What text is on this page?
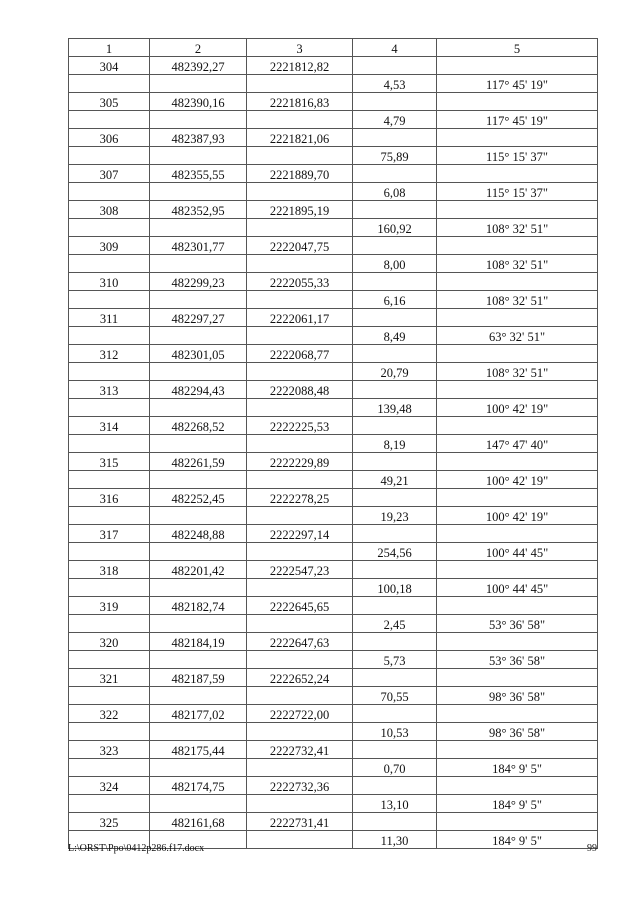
1	2	3	4	5
304	482392,27	2221812,82		
			4,53	117° 45' 19"
305	482390,16	2221816,83		
			4,79	117° 45' 19"
306	482387,93	2221821,06		
			75,89	115° 15' 37"
307	482355,55	2221889,70		
			6,08	115° 15' 37"
308	482352,95	2221895,19		
			160,92	108° 32' 51"
309	482301,77	2222047,75		
			8,00	108° 32' 51"
310	482299,23	2222055,33		
			6,16	108° 32' 51"
311	482297,27	2222061,17		
			8,49	63° 32' 51"
312	482301,05	2222068,77		
			20,79	108° 32' 51"
313	482294,43	2222088,48		
			139,48	100° 42' 19"
314	482268,52	2222225,53		
			8,19	147° 47' 40"
315	482261,59	2222229,89		
			49,21	100° 42' 19"
316	482252,45	2222278,25		
			19,23	100° 42' 19"
317	482248,88	2222297,14		
			254,56	100° 44' 45"
318	482201,42	2222547,23		
			100,18	100° 44' 45"
319	482182,74	2222645,65		
			2,45	53° 36' 58"
320	482184,19	2222647,63		
			5,73	53° 36' 58"
321	482187,59	2222652,24		
			70,55	98° 36' 58"
322	482177,02	2222722,00		
			10,53	98° 36' 58"
323	482175,44	2222732,41		
			0,70	184° 9' 5"
324	482174,75	2222732,36		
			13,10	184° 9' 5"
325	482161,68	2222731,41		
			11,30	184° 9' 5"
L:\ORST\Ppo\0412p286.f17.docx	99
